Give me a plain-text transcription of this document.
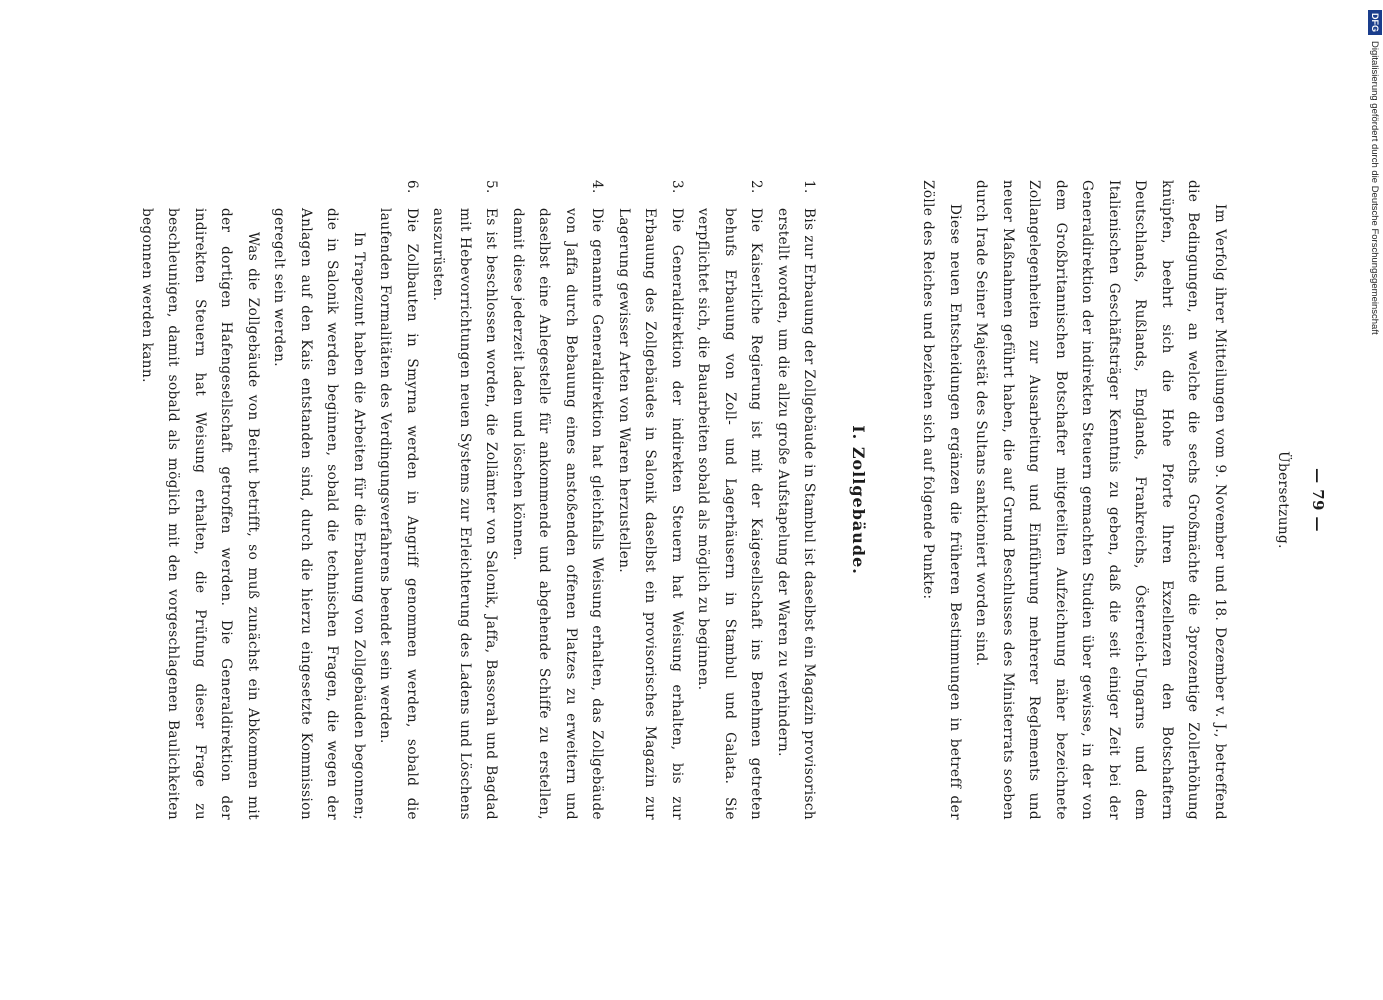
— 79 —
Übersetzung.

Im Verfolg ihrer Mitteilungen vom 9. November und 18. Dezember v. J., betreffend die Bedingungen, an welche die sechs Großmächte die 3prozentige Zollerhöhung knüpfen, beehrt sich die Hohe Pforte Ihren Exzellenzen den Botschaftern Deutschlands, Rußlands, Englands, Frankreichs, Österreich-Ungarns und dem Italienischen Geschäftsträger Kenntnis zu geben, daß die seit einiger Zeit bei der Generaldirektion der indirekten Steuern gemachten Studien über gewisse, in der von dem Großbritannischen Botschafter mitgeteilten Aufzeichnung näher bezeichnete Zollangelegenheiten zur Ausarbeitung und Einführung mehrerer Reglements und neuer Maßnahmen geführt haben, die auf Grund Beschlusses des Ministerrats soeben durch Irade Seiner Majestät des Sultans sanktioniert worden sind.

Diese neuen Entscheidungen ergänzen die früheren Bestimmungen in betreff der Zölle des Reiches und beziehen sich auf folgende Punkte:

I. Zollgebäude.
1.
Bis zur Erbauung der Zollgebäude in Stambul ist daselbst ein Magazin provisorisch erstellt worden, um die allzu große Aufstapelung der Waren zu verhindern.
2.
Die Kaiserliche Regierung ist mit der Kaigesellschaft ins Benehmen getreten behufs Erbauung von Zoll- und Lagerhäusern in Stambul und Galata. Sie verpflichtet sich, die Bauarbeiten sobald als möglich zu beginnen.
3.
Die Generaldirektion der indirekten Steuern hat Weisung erhalten, bis zur Erbauung des Zollgebäudes in Salonik daselbst ein provisorisches Magazin zur Lagerung gewisser Arten von Waren herzustellen.
4.
Die genannte Generaldirektion hat gleichfalls Weisung erhalten, das Zollgebäude von Jaffa durch Bebauung eines anstoßenden offenen Platzes zu erweitern und daselbst eine Anlegestelle für ankommende und abgehende Schiffe zu erstellen, damit diese jederzeit laden und löschen können.
5.
Es ist beschlossen worden, die Zollämter von Salonik, Jaffa, Bassorah und Bagdad mit Hebevorrichtungen neuen Systems zur Erleichterung des Ladens und Löschens auszurüsten.
6.
Die Zollbauten in Smyrna werden in Angriff genommen werden, sobald die laufenden Formalitäten des Verdingungsverfahrens beendet sein werden.

In Trapezunt haben die Arbeiten für die Erbauung von Zollgebäuden begonnen; die in Salonik werden beginnen, sobald die technischen Fragen, die wegen der Anlagen auf den Kais entstanden sind, durch die hierzu eingesetzte Kommission geregelt sein werden.

Was die Zollgebäude von Beirut betrifft, so muß zunächst ein Abkommen mit der dortigen Hafengesellschaft getroffen werden. Die Generaldirektion der indirekten Steuern hat Weisung erhalten, die Prüfung dieser Frage zu beschleunigen, damit sobald als möglich mit den vorgeschlagenen Baulichkeiten begonnen werden kann.

DFGDigitalisierung gefördert durch die Deutsche Forschungsgemeinschaft
